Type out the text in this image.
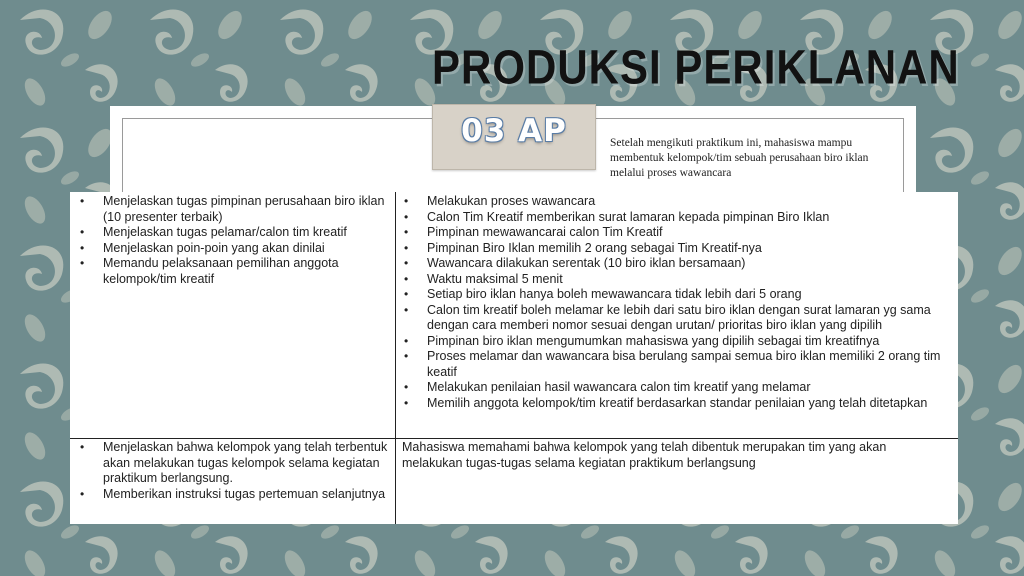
PRODUKSI PERIKLANAN
03 AP	Setelah mengikuti praktikum ini, mahasiswa mampu membentuk kelompok/tim sebuah perusahaan biro iklan melalui proses wawancara
• Menjelaskan tugas pimpinan perusahaan biro iklan (10 presenter terbaik)
• Menjelaskan tugas pelamar/calon tim kreatif
• Menjelaskan poin-poin yang akan dinilai
• Memandu pelaksanaan pemilihan anggota kelompok/tim kreatif
• Melakukan proses wawancara
• Calon Tim Kreatif memberikan surat lamaran kepada pimpinan Biro Iklan
• Pimpinan mewawancarai calon Tim Kreatif
• Pimpinan Biro Iklan memilih 2 orang sebagai Tim Kreatif-nya
• Wawancara dilakukan serentak (10 biro iklan bersamaan)
• Waktu maksimal 5 menit
• Setiap biro iklan hanya boleh mewawancara tidak lebih dari 5 orang
• Calon tim kreatif boleh melamar ke lebih dari satu biro iklan dengan surat lamaran yg sama dengan cara memberi nomor sesuai dengan urutan/ prioritas biro iklan yang dipilih
• Pimpinan biro iklan mengumumkan mahasiswa yang dipilih sebagai tim kreatifnya
• Proses melamar dan wawancara bisa berulang sampai semua biro iklan memiliki 2 orang tim keatif
• Melakukan penilaian hasil wawancara calon tim kreatif yang melamar
• Memilih anggota kelompok/tim kreatif berdasarkan standar penilaian yang telah ditetapkan
• Menjelaskan bahwa kelompok yang telah terbentuk akan melakukan tugas kelompok selama kegiatan praktikum berlangsung.
• Memberikan instruksi tugas pertemuan selanjutnya

Mahasiswa memahami bahwa kelompok yang telah dibentuk merupakan tim yang akan melakukan tugas-tugas selama kegiatan praktikum berlangsung
